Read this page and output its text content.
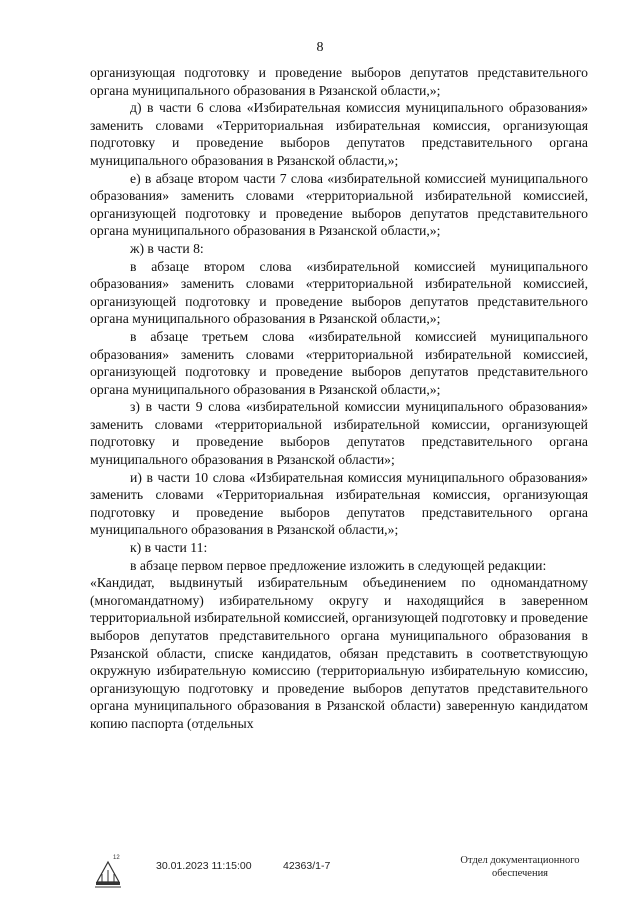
8

организующая подготовку и проведение выборов депутатов представительного органа муниципального образования в Рязанской области,»;

д) в части 6 слова «Избирательная комиссия муниципального образования» заменить словами «Территориальная избирательная комиссия, организующая подготовку и проведение выборов депутатов представительного органа муниципального образования в Рязанской области,»;

е) в абзаце втором части 7 слова «избирательной комиссией муниципального образования» заменить словами «территориальной избирательной комиссией, организующей подготовку и проведение выборов депутатов представительного органа муниципального образования в Рязанской области,»;

ж) в части 8:

в абзаце втором слова «избирательной комиссией муниципального образования» заменить словами «территориальной избирательной комиссией, организующей подготовку и проведение выборов депутатов представительного органа муниципального образования в Рязанской области,»;

в абзаце третьем слова «избирательной комиссией муниципального образования» заменить словами «территориальной избирательной комиссией, организующей подготовку и проведение выборов депутатов представительного органа муниципального образования в Рязанской области,»;

з) в части 9 слова «избирательной комиссии муниципального образования» заменить словами «территориальной избирательной комиссии, организующей подготовку и проведение выборов депутатов представительного органа муниципального образования в Рязанской области»;

и) в части 10 слова «Избирательная комиссия муниципального образования» заменить словами «Территориальная избирательная комиссия, организующая подготовку и проведение выборов депутатов представительного органа муниципального образования в Рязанской области,»;

к) в части 11:

в абзаце первом первое предложение изложить в следующей редакции:

«Кандидат, выдвинутый избирательным объединением по одномандатному (многомандатному) избирательному округу и находящийся в заверенном территориальной избирательной комиссией, организующей подготовку и проведение выборов депутатов представительного органа муниципального образования в Рязанской области, списке кандидатов, обязан представить в соответствующую окружную избирательную комиссию (территориальную избирательную комиссию, организующую подготовку и проведение выборов депутатов представительного органа муниципального образования в Рязанской области) заверенную кандидатом копию паспорта (отдельных

12
30.01.2023 11:15:00	42363/1-7	Отдел документационного
обеспечения
